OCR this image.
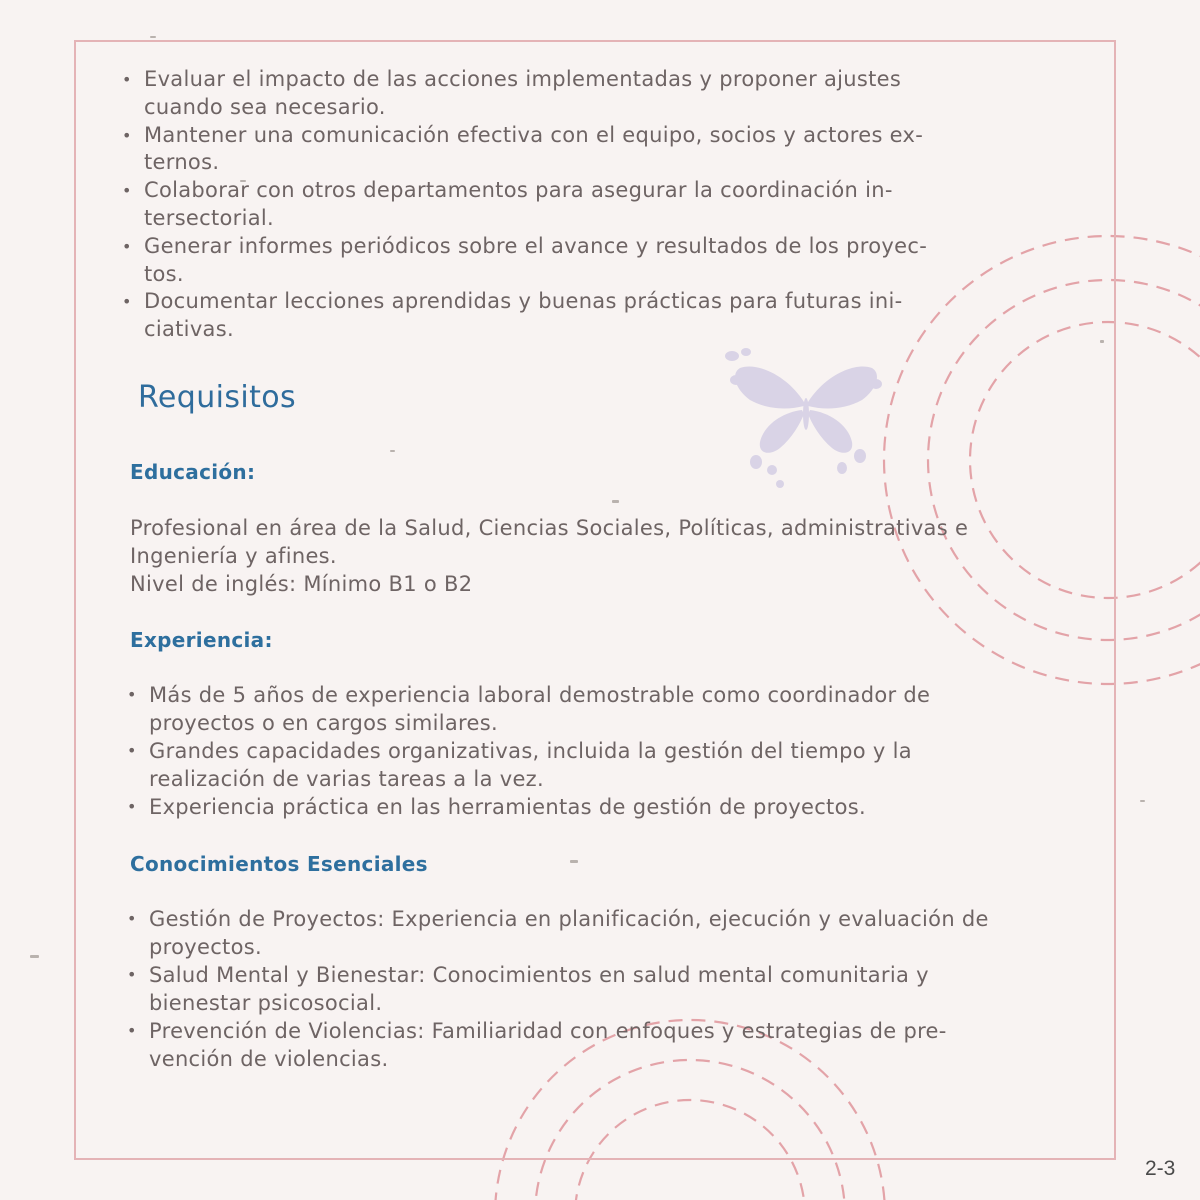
• Evaluar el impacto de las acciones implementadas y proponer ajustes
cuando sea necesario.
• Mantener una comunicación efectiva con el equipo, socios y actores ex-
ternos.
• Colaborar con otros departamentos para asegurar la coordinación in-
tersectorial.
• Generar informes periódicos sobre el avance y resultados de los proyec-
tos.
• Documentar lecciones aprendidas y buenas prácticas para futuras ini-
ciativas.
Requisitos
Educación:
Profesional en área de la Salud, Ciencias Sociales, Políticas, administrativas e
Ingeniería y afines.
Nivel de inglés: Mínimo B1 o B2
Experiencia:
• Más de 5 años de experiencia laboral demostrable como coordinador de
proyectos o en cargos similares.
• Grandes capacidades organizativas, incluida la gestión del tiempo y la
realización de varias tareas a la vez.
• Experiencia práctica en las herramientas de gestión de proyectos.
Conocimientos Esenciales
• Gestión de Proyectos: Experiencia en planificación, ejecución y evaluación de
proyectos.
• Salud Mental y Bienestar: Conocimientos en salud mental comunitaria y
bienestar psicosocial.
• Prevención de Violencias: Familiaridad con enfoques y estrategias de pre-
vención de violencias.
2-3
